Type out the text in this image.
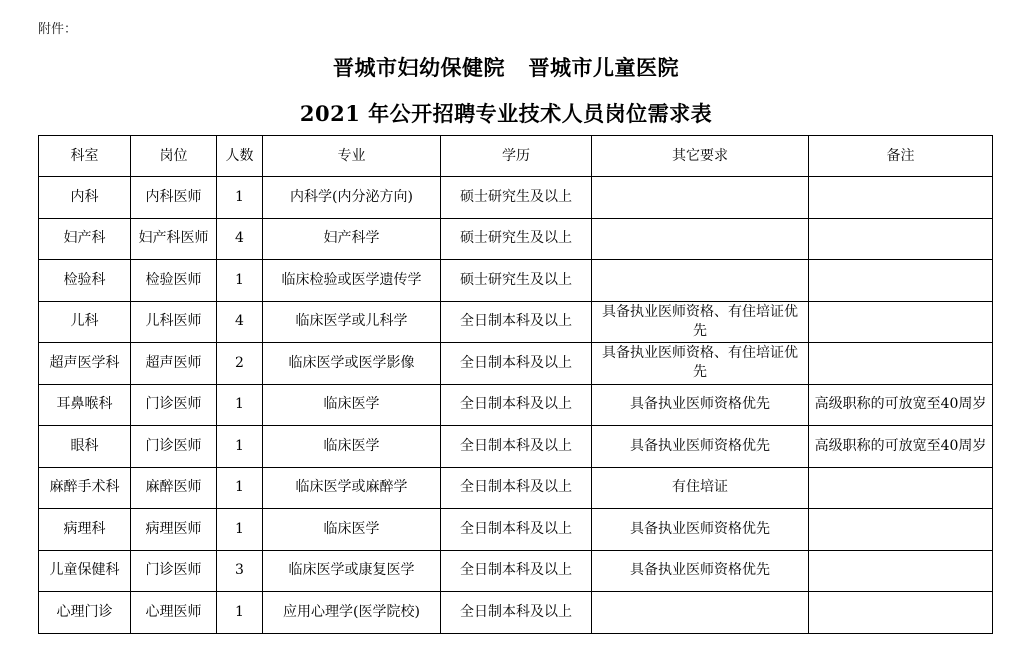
附件：
晋城市妇幼保健院   晋城市儿童医院
2021 年公开招聘专业技术人员岗位需求表
科室	岗位	人数	专业	学历	其它要求	备注
内科	内科医师	1	内科学(内分泌方向)	硕士研究生及以上		
妇产科	妇产科医师	4	妇产科学	硕士研究生及以上		
检验科	检验医师	1	临床检验或医学遗传学	硕士研究生及以上		
儿科	儿科医师	4	临床医学或儿科学	全日制本科及以上	具备执业医师资格、有住培证优先	
超声医学科	超声医师	2	临床医学或医学影像	全日制本科及以上	具备执业医师资格、有住培证优先	
耳鼻喉科	门诊医师	1	临床医学	全日制本科及以上	具备执业医师资格优先	高级职称的可放宽至40周岁
眼科	门诊医师	1	临床医学	全日制本科及以上	具备执业医师资格优先	高级职称的可放宽至40周岁
麻醉手术科	麻醉医师	1	临床医学或麻醉学	全日制本科及以上	有住培证	
病理科	病理医师	1	临床医学	全日制本科及以上	具备执业医师资格优先	
儿童保健科	门诊医师	3	临床医学或康复医学	全日制本科及以上	具备执业医师资格优先	
心理门诊	心理医师	1	应用心理学(医学院校)	全日制本科及以上		
